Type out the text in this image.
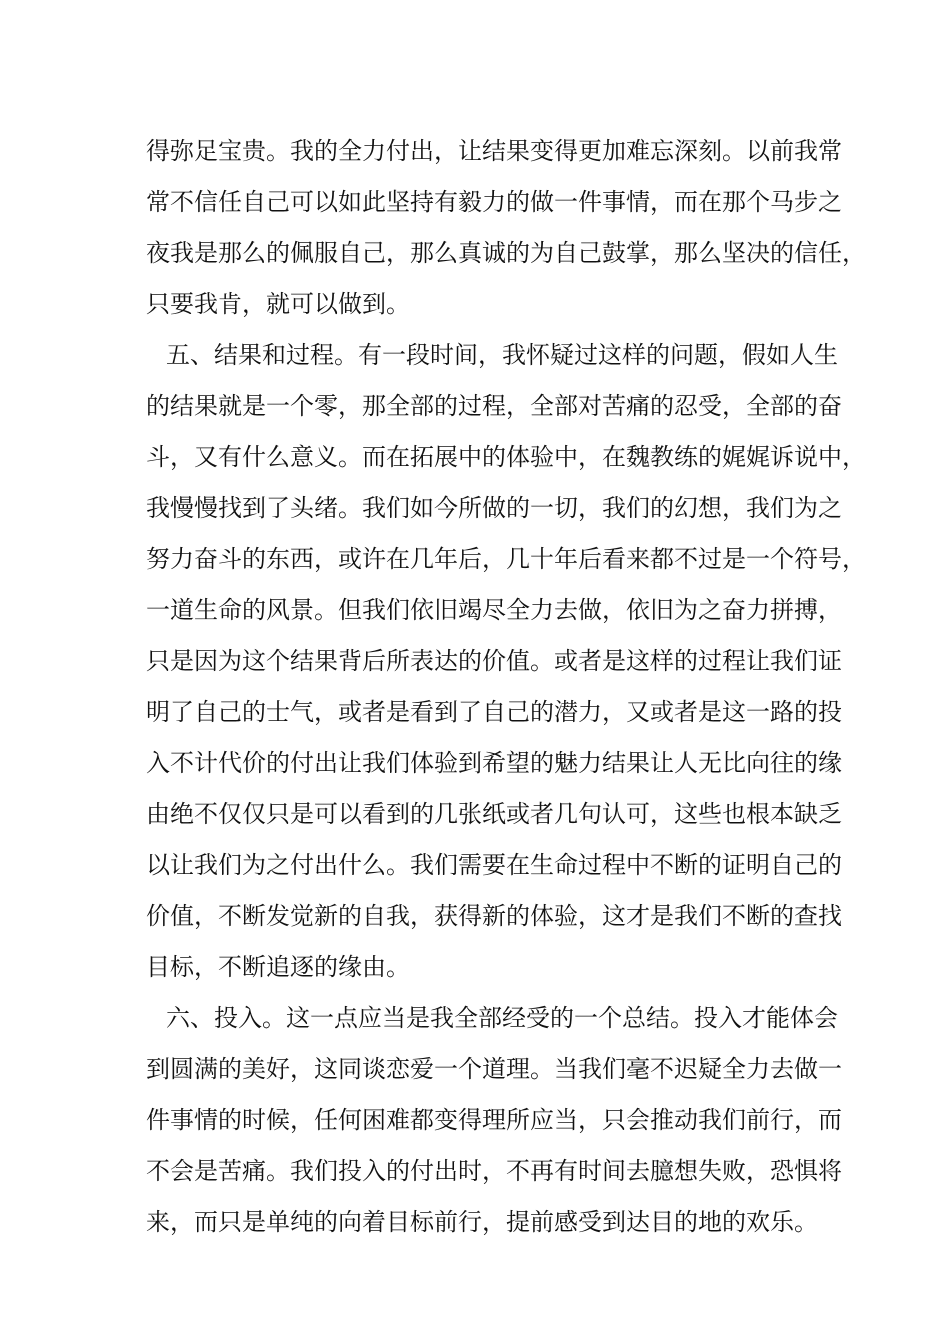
得弥足宝贵。我的全力付出，让结果变得更加难忘深刻。以前我常
常不信任自己可以如此坚持有毅力的做一件事情，而在那个马步之
夜我是那么的佩服自己，那么真诚的为自己鼓掌，那么坚决的信任，
只要我肯，就可以做到。
五、结果和过程。有一段时间，我怀疑过这样的问题，假如人生
的结果就是一个零，那全部的过程，全部对苦痛的忍受，全部的奋
斗，又有什么意义。而在拓展中的体验中，在魏教练的娓娓诉说中，
我慢慢找到了头绪。我们如今所做的一切，我们的幻想，我们为之
努力奋斗的东西，或许在几年后，几十年后看来都不过是一个符号，
一道生命的风景。但我们依旧竭尽全力去做，依旧为之奋力拼搏，
只是因为这个结果背后所表达的价值。或者是这样的过程让我们证
明了自己的士气，或者是看到了自己的潜力，又或者是这一路的投
入不计代价的付出让我们体验到希望的魅力结果让人无比向往的缘
由绝不仅仅只是可以看到的几张纸或者几句认可，这些也根本缺乏
以让我们为之付出什么。我们需要在生命过程中不断的证明自己的
价值，不断发觉新的自我，获得新的体验，这才是我们不断的查找
目标，不断追逐的缘由。
六、投入。这一点应当是我全部经受的一个总结。投入才能体会
到圆满的美好，这同谈恋爱一个道理。当我们毫不迟疑全力去做一
件事情的时候，任何困难都变得理所应当，只会推动我们前行，而
不会是苦痛。我们投入的付出时，不再有时间去臆想失败，恐惧将
来，而只是单纯的向着目标前行，提前感受到达目的地的欢乐。
